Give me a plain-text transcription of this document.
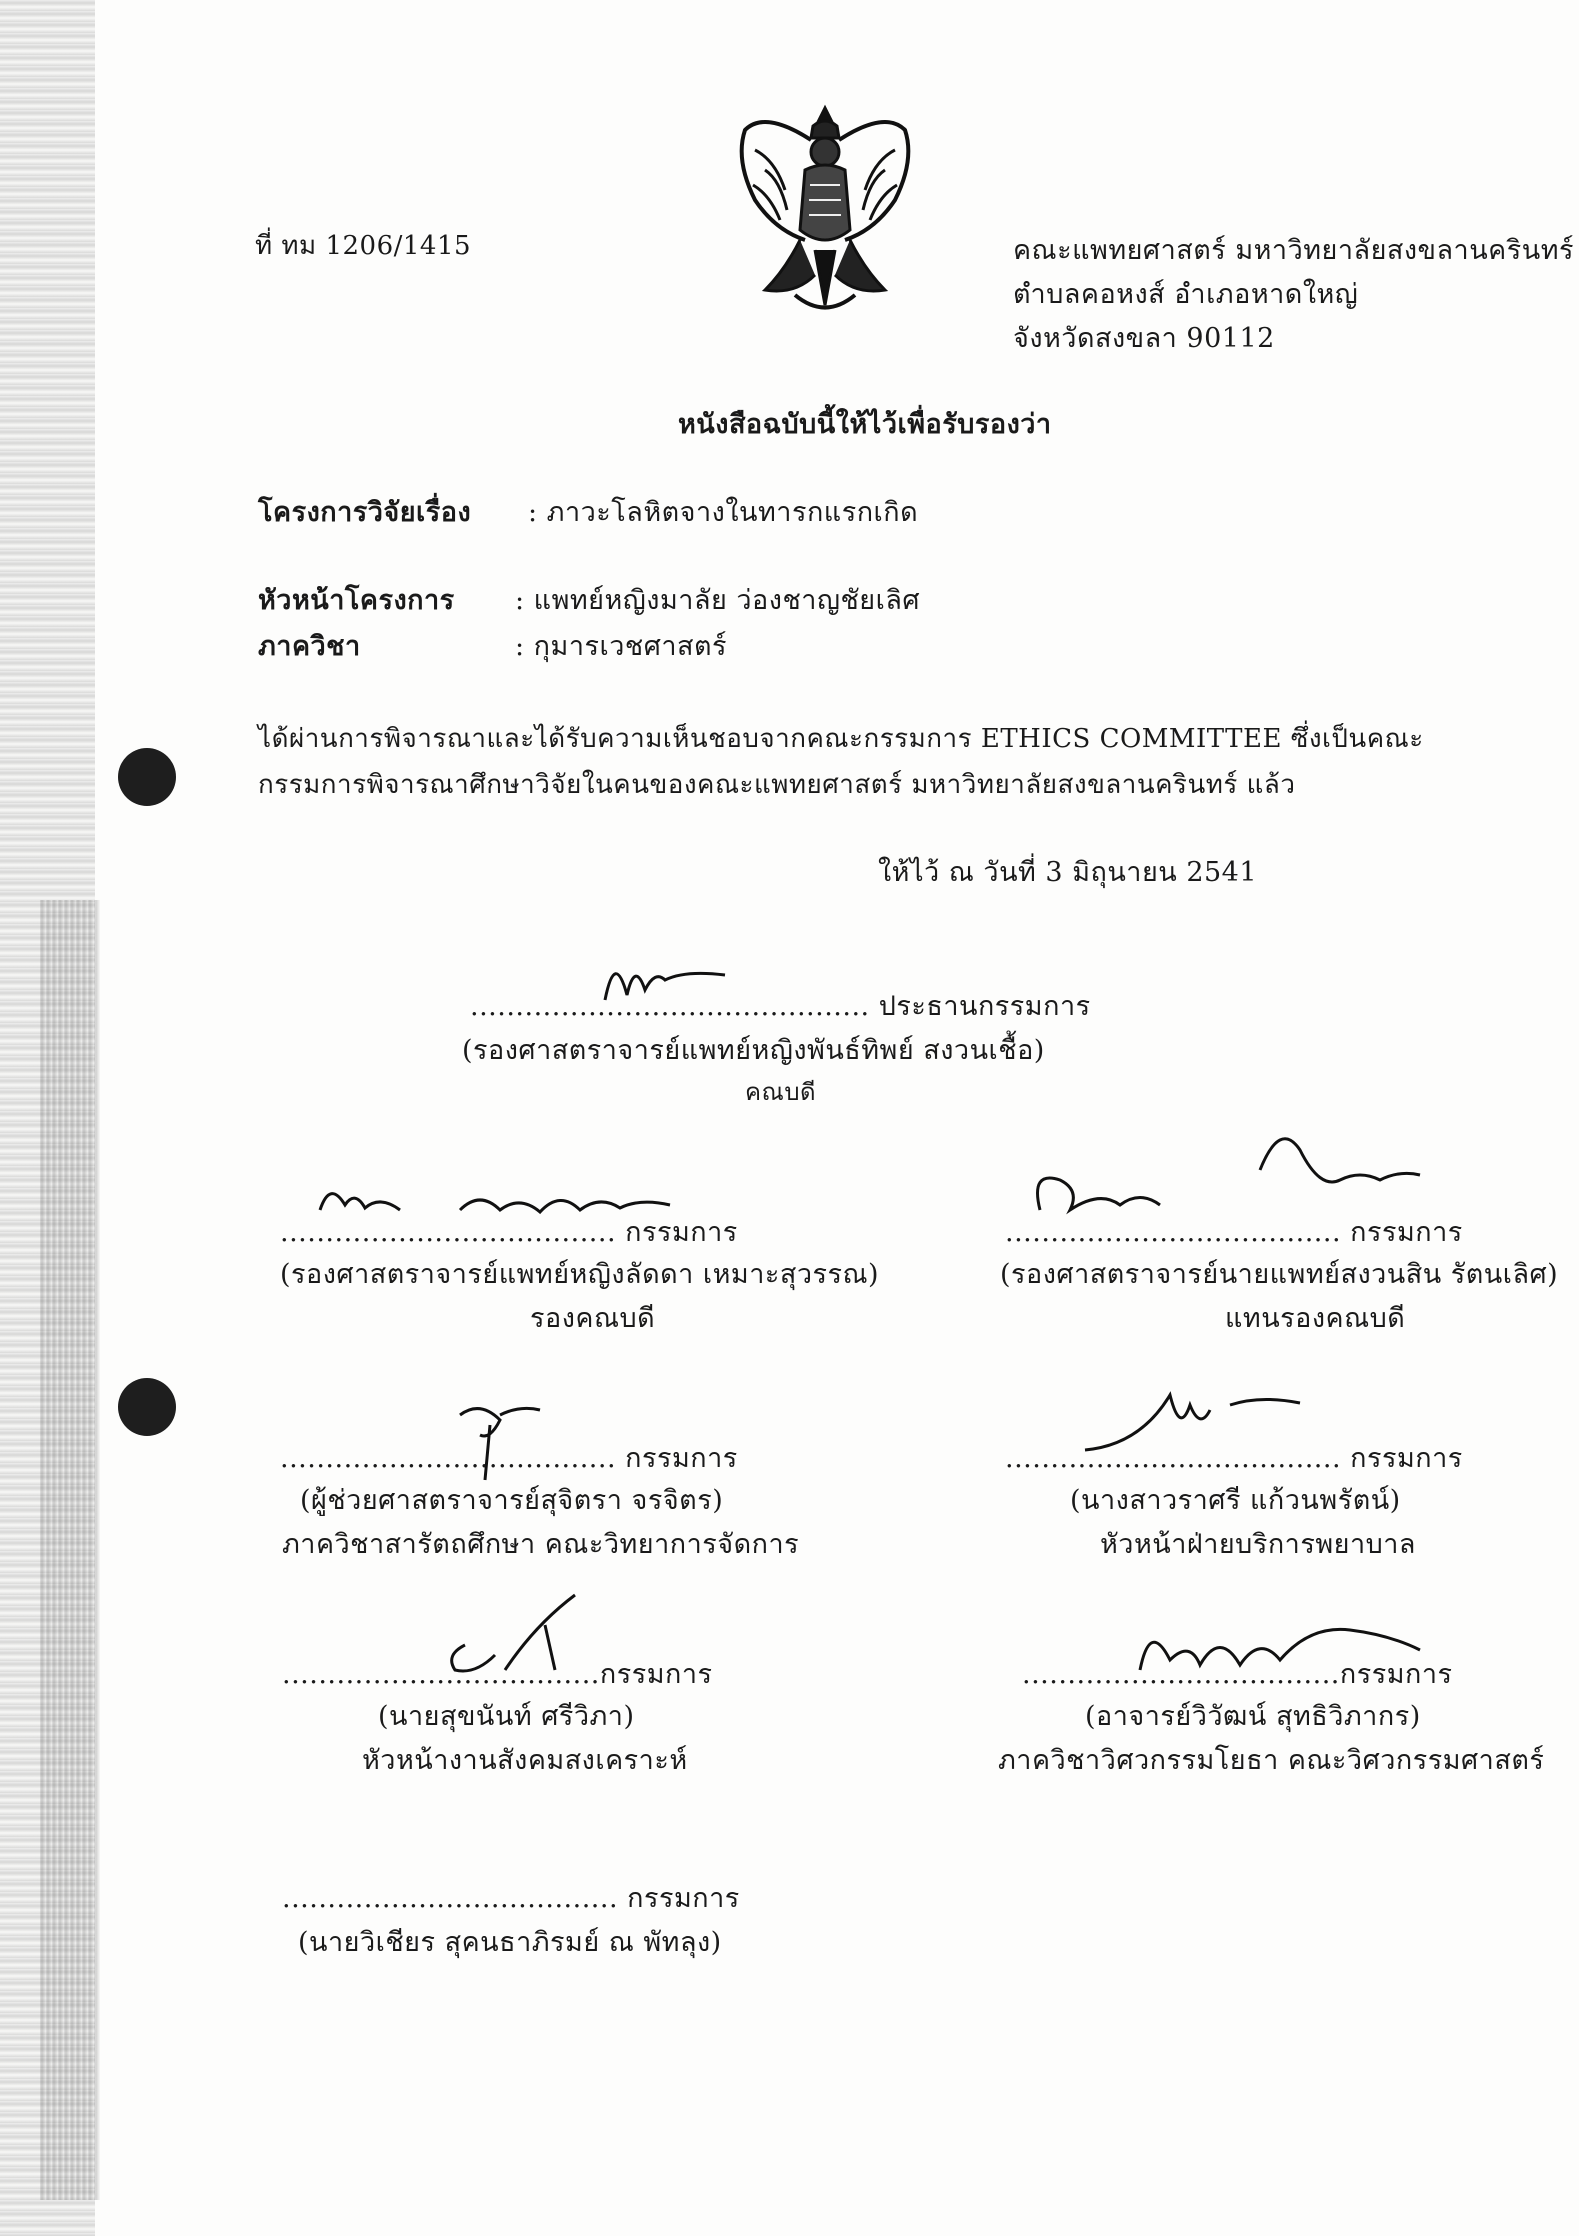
ที่ ทม 1206/1415	คณะแพทยศาสตร์ มหาวิทยาลัยสงขลานครินทร์
ตำบลคอหงส์ อำเภอหาดใหญ่
จังหวัดสงขลา 90112
หนังสือฉบับนี้ให้ไว้เพื่อรับรองว่า
โครงการวิจัยเรื่อง : ภาวะโลหิตจางในทารกแรกเกิด
หัวหน้าโครงการ : แพทย์หญิงมาลัย ว่องชาญชัยเลิศ
ภาควิชา	: กุมารเวชศาสตร์
ได้ผ่านการพิจารณาและได้รับความเห็นชอบจากคณะกรรมการ ETHICS COMMITTEE ซึ่งเป็นคณะ
กรรมการพิจารณาศึกษาวิจัยในคนของคณะแพทยศาสตร์ มหาวิทยาลัยสงขลานครินทร์ แล้ว
ให้ไว้ ณ วันที่ 3 มิถุนายน 2541
............................................ ประธานกรรมการ
(รองศาสตราจารย์แพทย์หญิงพันธ์ทิพย์ สงวนเชื้อ)
คณบดี
..................................... กรรมการ
(รองศาสตราจารย์แพทย์หญิงลัดดา เหมาะสุวรรณ)
รองคณบดี
..................................... กรรมการ
(รองศาสตราจารย์นายแพทย์สงวนสิน รัตนเลิศ)
แทนรองคณบดี
..................................... กรรมการ
(ผู้ช่วยศาสตราจารย์สุจิตรา จรจิตร)
ภาควิชาสารัตถศึกษา คณะวิทยาการจัดการ
..................................... กรรมการ
(นางสาวราศรี แก้วนพรัตน์)
หัวหน้าฝ่ายบริการพยาบาล
...................................กรรมการ
(นายสุขนันท์ ศรีวิภา)
หัวหน้างานสังคมสงเคราะห์
...................................กรรมการ
(อาจารย์วิวัฒน์ สุทธิวิภากร)
ภาควิชาวิศวกรรมโยธา คณะวิศวกรรมศาสตร์
..................................... กรรมการ
(นายวิเชียร สุคนธาภิรมย์ ณ พัทลุง)
